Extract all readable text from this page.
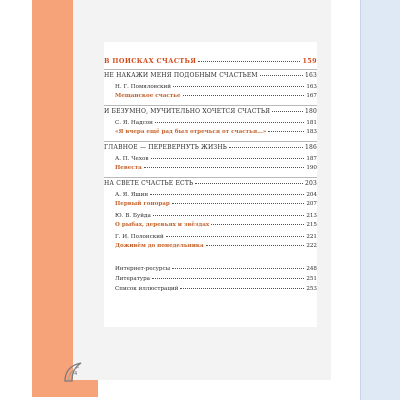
В ПОИСКАХ СЧАСТЬЯ	159
НЕ НАКАЖИ МЕНЯ ПОДОБНЫМ СЧАСТЬЕМ	163
Н. Г. Помяловский	163
Мещанское счастье	167
И БЕЗУМНО, МУЧИТЕЛЬНО ХОЧЕТСЯ СЧАСТЬЯ	180
С. Я. Надсон	181
«Я вчера ещё рад был отречься от счастья...»	183
ГЛАВНОЕ — ПЕРЕВЕРНУТЬ ЖИЗНЬ	186
А. П. Чехов	187
Невеста	190
НА СВЕТЕ СЧАСТЬЕ ЕСТЬ	203
А. Я. Яшин	204
Первый гонорар	207
Ю. В. Буйда	213
О рыбах, деревьях и звёздах	215
Г. И. Полонский	221
Доживём до понедельника	222
Интернет-ресурсы	248
Литература	251
Список иллюстраций	253
4
